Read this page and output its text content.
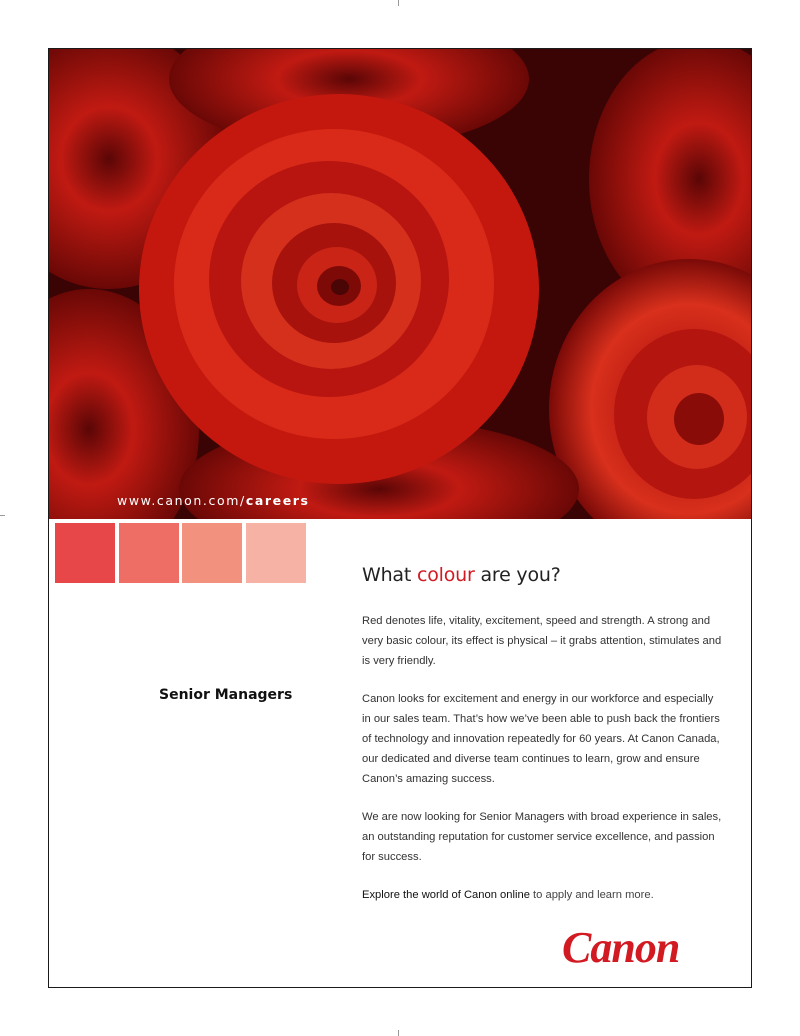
www.canon.com/careers
What colour are you?
Senior Managers
Red denotes life, vitality, excitement, speed and strength. A strong and very basic colour, its effect is physical – it grabs attention, stimulates and is very friendly.
Canon looks for excitement and energy in our workforce and especially in our sales team. That’s how we’ve been able to push back the frontiers of technology and innovation repeatedly for 60 years. At Canon Canada, our dedicated and diverse team continues to learn, grow and ensure Canon’s amazing success.
We are now looking for Senior Managers with broad experience in sales, an outstanding reputation for customer service excellence, and passion for success.
Explore the world of Canon online to apply and learn more.
Canon
